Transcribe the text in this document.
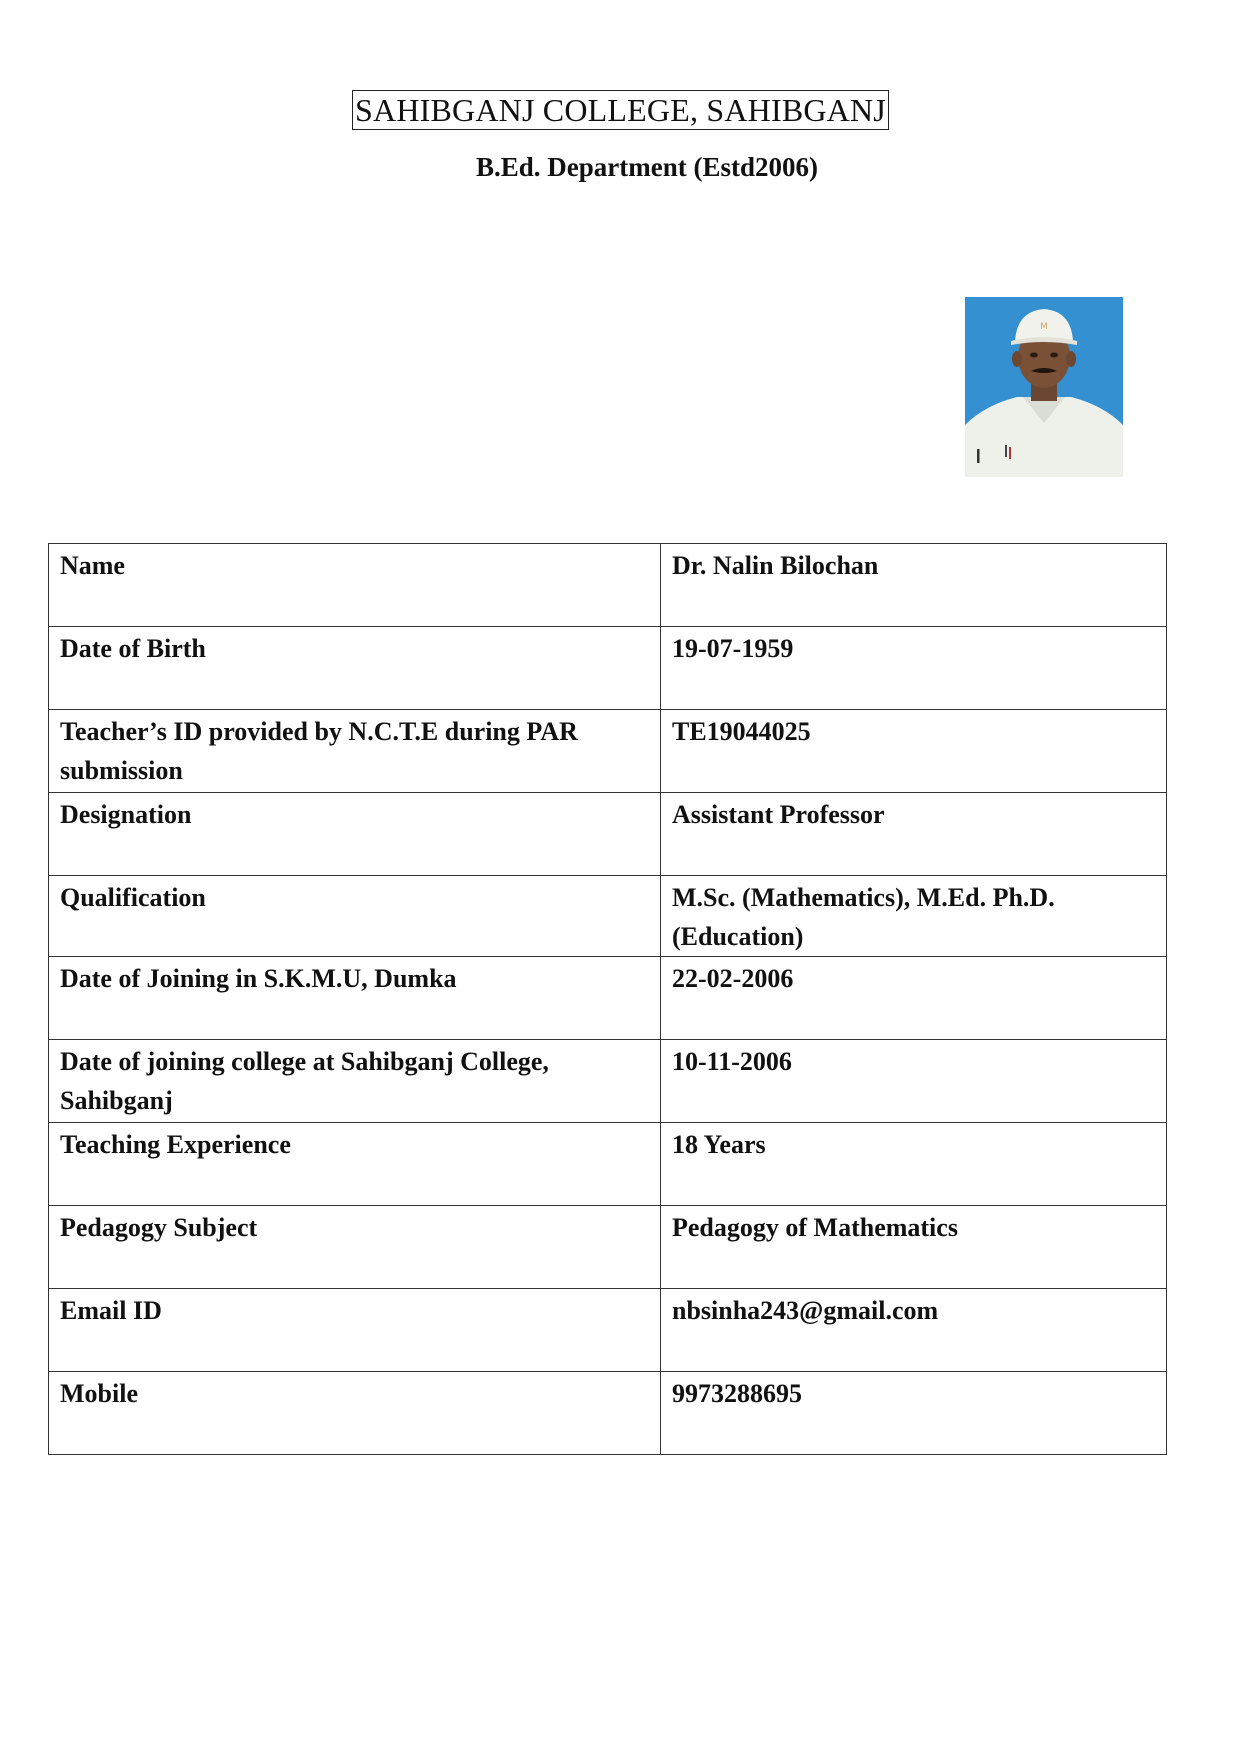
SAHIBGANJ COLLEGE, SAHIBGANJ
B.Ed. Department (Estd2006)
M
Name	Dr. Nalin Bilochan
Date of Birth	19-07-1959
Teacher’s ID provided by N.C.T.E during PAR submission	TE19044025
Designation	Assistant Professor
Qualification	M.Sc. (Mathematics), M.Ed. Ph.D. (Education)
Date of Joining in S.K.M.U, Dumka	22-02-2006
Date of joining college at Sahibganj College, Sahibganj	10-11-2006
Teaching Experience	18 Years
Pedagogy Subject	Pedagogy of Mathematics
Email ID	nbsinha243@gmail.com
Mobile	9973288695
